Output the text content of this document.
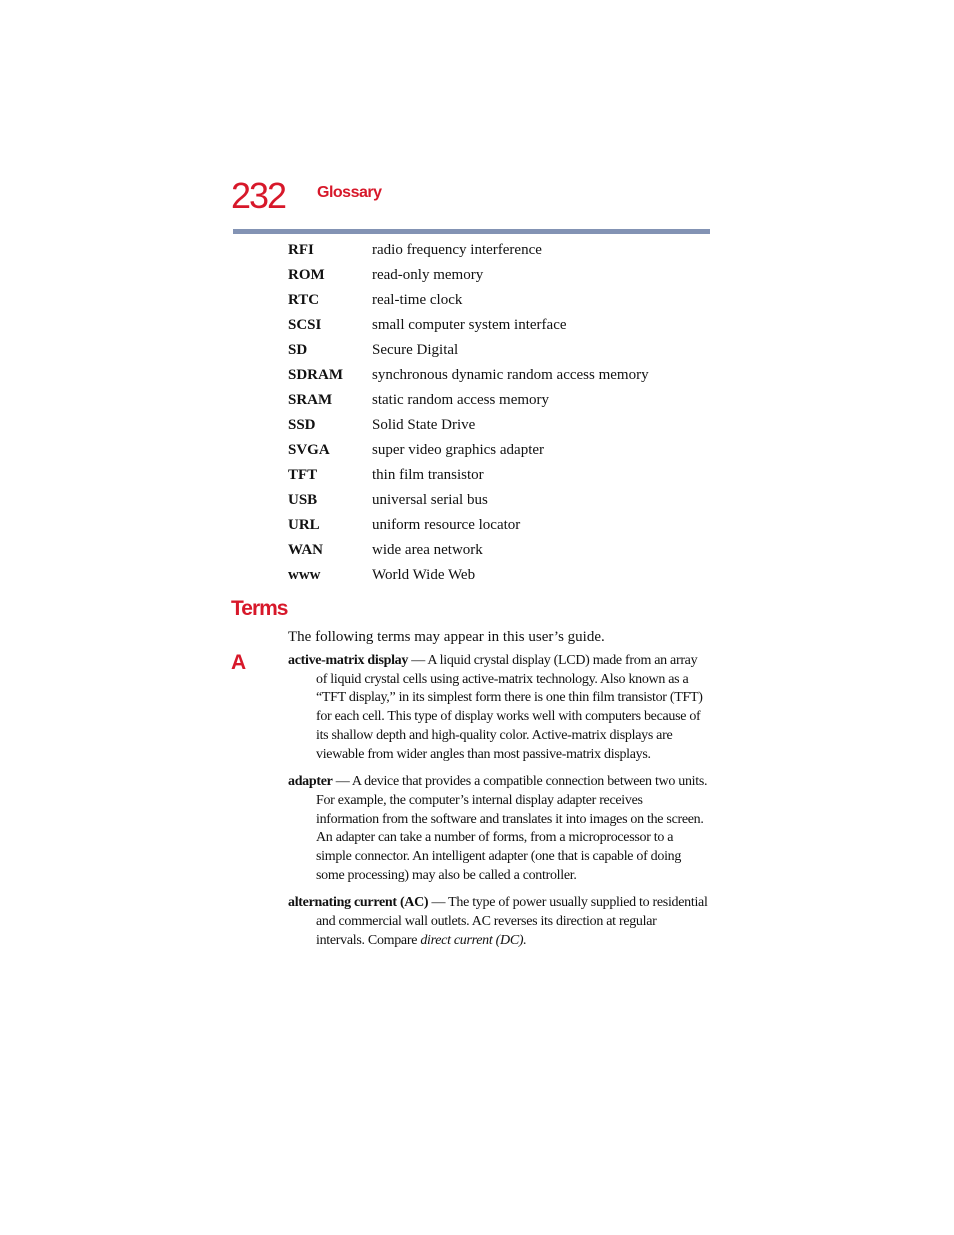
232 Glossary
RFI	radio frequency interference
ROM	read-only memory
RTC	real-time clock
SCSI	small computer system interface
SD	Secure Digital
SDRAM synchronous dynamic random access memory
SRAM	static random access memory
SSD	Solid State Drive
SVGA	super video graphics adapter
TFT	thin film transistor
USB	universal serial bus
URL	uniform resource locator
WAN	wide area network
www	World Wide Web
Terms
The following terms may appear in this user’s guide.
A	active-matrix display — A liquid crystal display (LCD) made from an array of liquid crystal cells using active-matrix technology. Also known as a “TFT display,” in its simplest form there is one thin film transistor (TFT) for each cell. This type of display works well with computers because of its shallow depth and high-quality color. Active-matrix displays are viewable from wider angles than most passive-matrix displays.

adapter — A device that provides a compatible connection between two units. For example, the computer’s internal display adapter receives information from the software and translates it into images on the screen. An adapter can take a number of forms, from a microprocessor to a simple connector. An intelligent adapter (one that is capable of doing some processing) may also be called a controller.

alternating current (AC) — The type of power usually supplied to residential and commercial wall outlets. AC reverses its direction at regular intervals. Compare direct current (DC).
